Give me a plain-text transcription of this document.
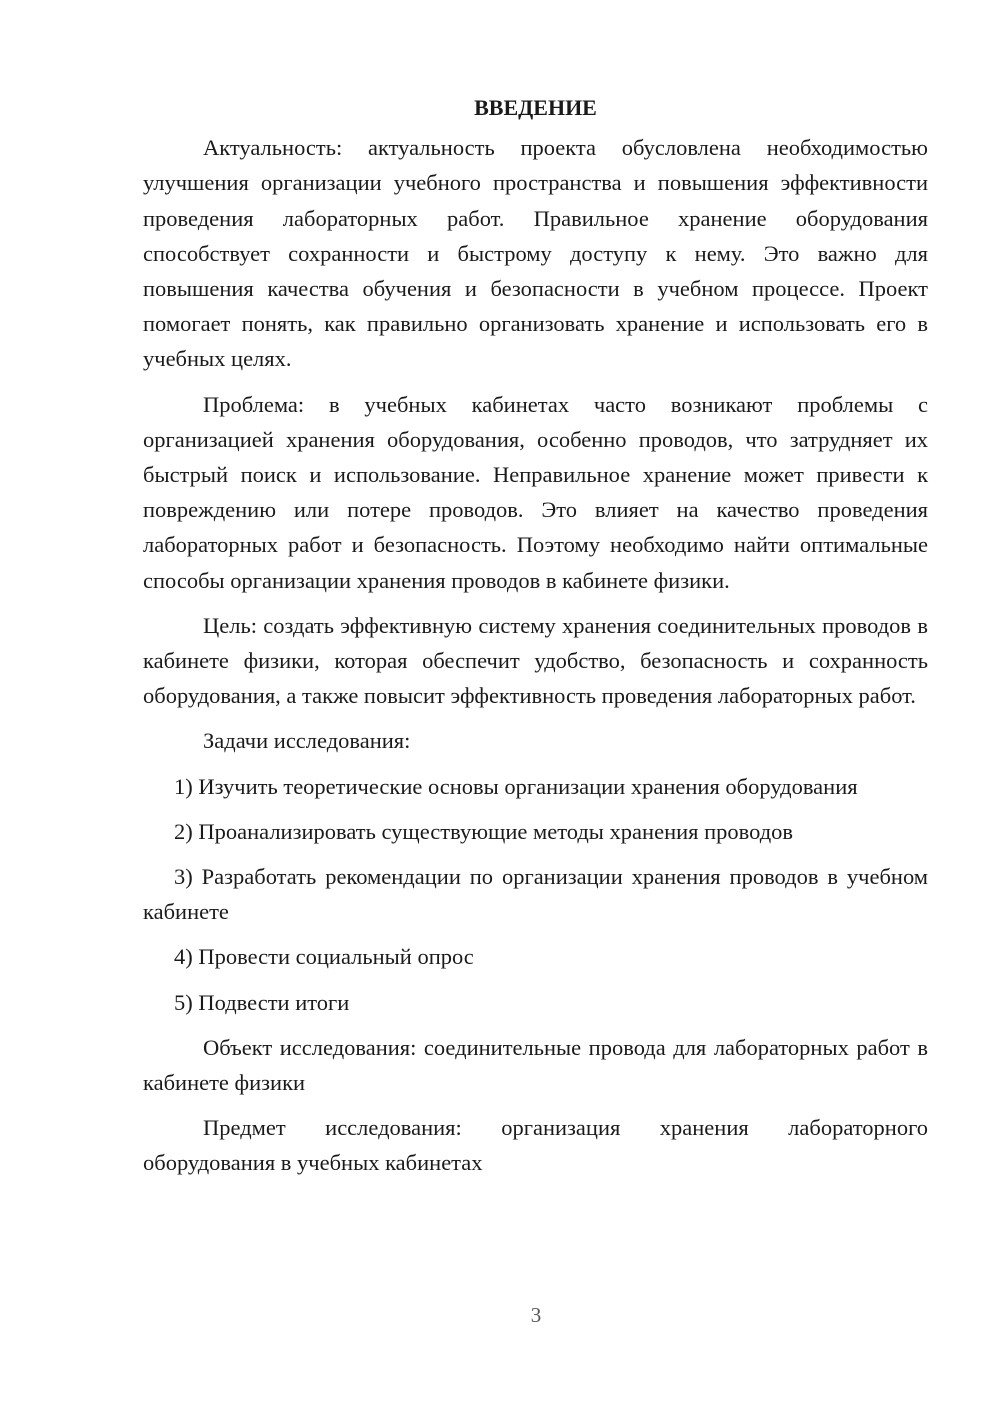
ВВЕДЕНИЕ

Актуальность: актуальность проекта обусловлена необходимостью улучшения организации учебного пространства и повышения эффективности проведения лабораторных работ. Правильное хранение оборудования способствует сохранности и быстрому доступу к нему. Это важно для повышения качества обучения и безопасности в учебном процессе. Проект помогает понять, как правильно организовать хранение и использовать его в учебных целях.

Проблема: в учебных кабинетах часто возникают проблемы с организацией хранения оборудования, особенно проводов, что затрудняет их быстрый поиск и использование. Неправильное хранение может привести к повреждению или потере проводов. Это влияет на качество проведения лабораторных работ и безопасность. Поэтому необходимо найти оптимальные способы организации хранения проводов в кабинете физики.

Цель: создать эффективную систему хранения соединительных проводов в кабинете физики, которая обеспечит удобство, безопасность и сохранность оборудования, а также повысит эффективность проведения лабораторных работ.

Задачи исследования:

1) Изучить теоретические основы организации хранения оборудования

2) Проанализировать существующие методы хранения проводов

3) Разработать рекомендации по организации хранения проводов в учебном кабинете

4) Провести социальный опрос

5) Подвести итоги

Объект исследования: соединительные провода для лабораторных работ в кабинете физики

Предмет исследования: организация хранения лабораторного оборудования в учебных кабинетах

3
